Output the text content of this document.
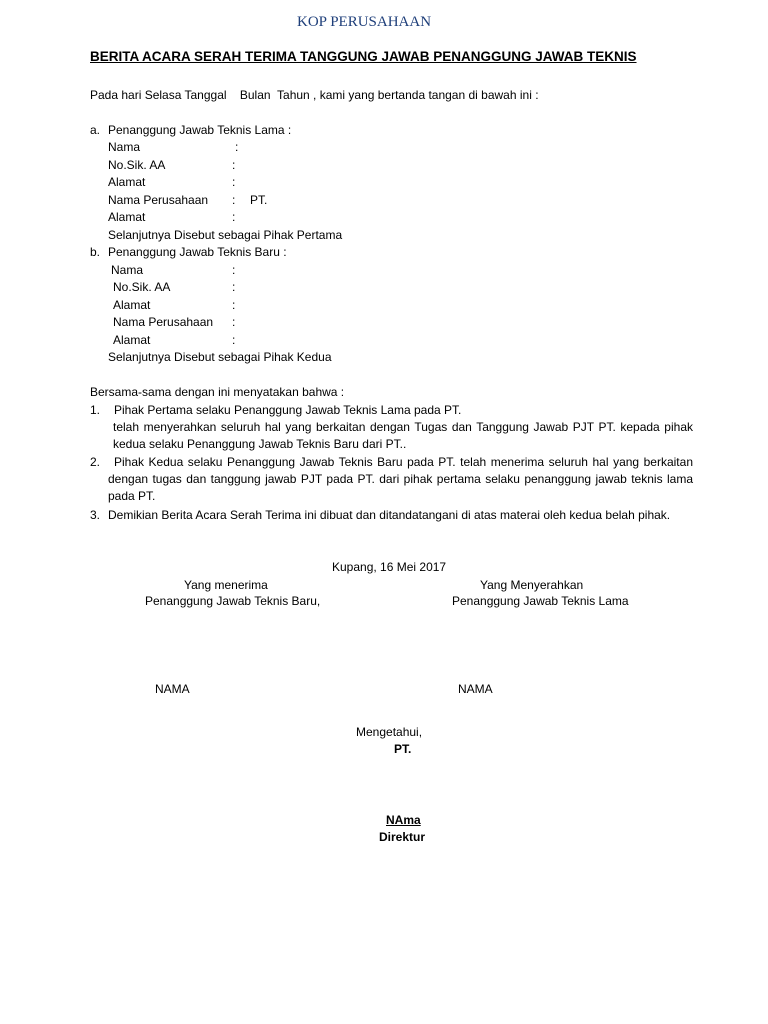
KOP PERUSAHAAN
BERITA ACARA SERAH TERIMA TANGGUNG JAWAB PENANGGUNG JAWAB TEKNIS
Pada hari Selasa Tanggal    Bulan  Tahun , kami yang bertanda tangan di bawah ini :
a. Penanggung Jawab Teknis Lama :
Nama	:
No.Sik. AA	:
Alamat	:
Nama Perusahaan : PT.
Alamat	:
Selanjutnya Disebut sebagai Pihak Pertama
b. Penanggung Jawab Teknis Baru :
Nama	:
No.Sik. AA	:
Alamat	:
Nama Perusahaan :
Alamat	:
Selanjutnya Disebut sebagai Pihak Kedua
Bersama-sama dengan ini menyatakan bahwa :
1. Pihak Pertama selaku Penanggung Jawab Teknis Lama pada PT.
telah menyerahkan seluruh hal yang berkaitan dengan Tugas dan Tanggung Jawab PJT PT. kepada pihak kedua selaku Penanggung Jawab Teknis Baru dari PT..
2.	Pihak Kedua selaku Penanggung Jawab Teknis Baru pada PT. telah menerima seluruh hal yang berkaitan dengan tugas dan tanggung jawab PJT pada PT. dari pihak pertama selaku penanggung jawab teknis lama pada PT.
3. Demikian Berita Acara Serah Terima ini dibuat dan ditandatangani di atas materai oleh kedua belah pihak.
Kupang, 16 Mei 2017
Yang menerima
Penanggung Jawab Teknis Baru,
NAMA
Yang Menyerahkan
Penanggung Jawab Teknis Lama
NAMA
Mengetahui,
PT.
NAma
Direktur
